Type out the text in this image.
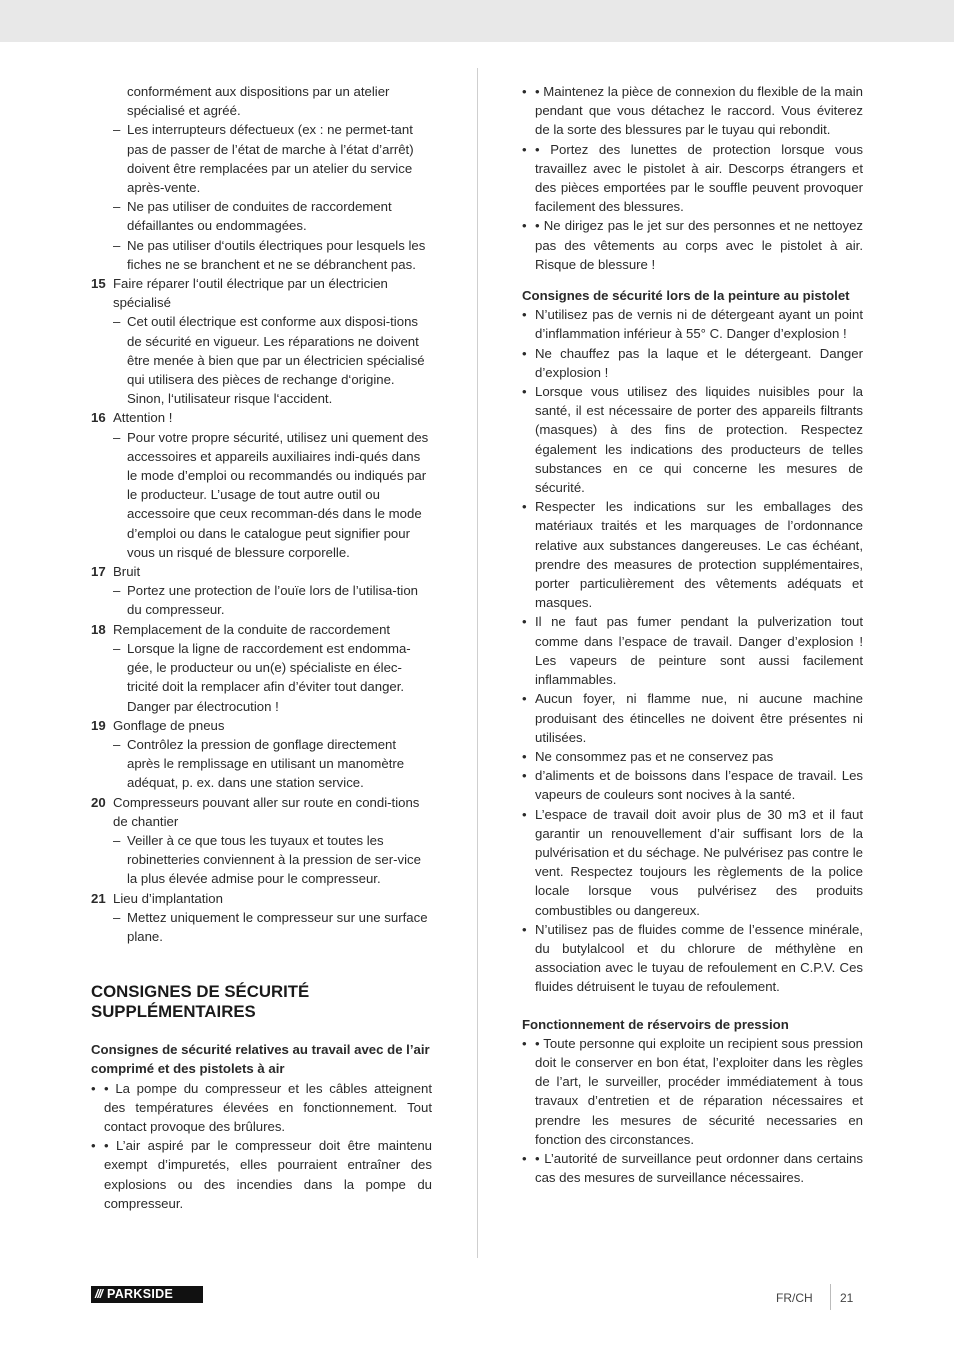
conformément aux dispositions par un atelier spécialisé et agréé.
– Les interrupteurs défectueux (ex : ne permet-tant pas de passer de l’état de marche à l’état d’arrêt) doivent être remplacées par un atelier du service après-vente.
– Ne pas utiliser de conduites de raccordement défaillantes ou endommagées.
– Ne pas utiliser d‘outils électriques pour lesquels les fiches ne se branchent et ne se débranchent pas.
15 Faire réparer l‘outil électrique par un électricien spécialisé
– Cet outil électrique est conforme aux disposi-tions de sécurité en vigueur. Les réparations ne doivent être menée à bien que par un électricien spécialisé qui utilisera des pièces de rechange d‘origine. Sinon, l‘utilisateur risque l‘accident.
16 Attention !
– Pour votre propre sécurité, utilisez uni quement des accessoires et appareils auxiliaires indi-qués dans le mode d’emploi ou recommandés ou indiqués par le producteur. L’usage de tout autre outil ou accessoire que ceux recomman-dés dans le mode d’emploi ou dans le catalogue peut signifier pour vous un risqué de blessure corporelle.
17 Bruit
– Portez une protection de l’ouïe lors de l’utilisa-tion du compresseur.
18 Remplacement de la conduite de raccordement
– Lorsque la ligne de raccordement est endomma-gée, le producteur ou un(e) spécialiste en élec-tricité doit la remplacer afin d’éviter tout danger. Danger par électrocution !
19 Gonflage de pneus
– Contrôlez la pression de gonflage directement après le remplissage en utilisant un manomètre adéquat, p. ex. dans une station service.
20 Compresseurs pouvant aller sur route en condi-tions de chantier
– Veiller à ce que tous les tuyaux et toutes les robinetteries conviennent à la pression de ser-vice la plus élevée admise pour le compresseur.
21 Lieu d’implantation
– Mettez uniquement le compresseur sur une surface plane.
CONSIGNES DE SÉCURITÉ
SUPPLÉMENTAIRES
Consignes de sécurité relatives au travail avec de l’air comprimé et des pistolets à air
• • La pompe du compresseur et les câbles atteignent des températures élevées en fonctionnement. Tout contact provoque des brûlures.
• • L’air aspiré par le compresseur doit être maintenu exempt d’impuretés, elles pourraient entraîner des explosions ou des incendies dans la pompe du compresseur.
• • Maintenez la pièce de connexion du flexible de la main pendant que vous détachez le raccord. Vous éviterez de la sorte des blessures par le tuyau qui rebondit.
• • Portez des lunettes de protection lorsque vous travaillez avec le pistolet à air. Descorps étrangers et des pièces emportées par le souffle peuvent provoquer facilement des blessures.
• • Ne dirigez pas le jet sur des personnes et ne nettoyez pas des vêtements au corps avec le pistolet à air. Risque de blessure !
Consignes de sécurité lors de la peinture au pistolet
• N’utilisez pas de vernis ni de détergeant ayant un point d’inflammation inférieur à 55° C. Danger d’explosion !
• Ne chauffez pas la laque et le détergeant. Danger d’explosion !
• Lorsque vous utilisez des liquides nuisibles pour la santé, il est nécessaire de porter des appareils filtrants (masques) à des fins de protection. Respectez également les indications des producteurs de telles substances en ce qui concerne les mesures de sécurité.
• Respecter les indications sur les emballages des matériaux traités et les marquages de l’ordonnance relative aux substances dangereuses. Le cas échéant, prendre des measures de protection supplémentaires, porter particulièrement des vêtements adéquats et masques.
• Il ne faut pas fumer pendant la pulverization tout comme dans l’espace de travail. Danger d’explosion ! Les vapeurs de peinture sont aussi facilement inflammables.
• Aucun foyer, ni flamme nue, ni aucune machine produisant des étincelles ne doivent être présentes ni utilisées.
• Ne consommez pas et ne conservez pas
• d’aliments et de boissons dans l’espace de travail. Les vapeurs de couleurs sont nocives à la santé.
• L’espace de travail doit avoir plus de 30 m3 et il faut garantir un renouvellement d’air suffisant lors de la pulvérisation et du séchage. Ne pulvérisez pas contre le vent. Respectez toujours les règlements de la police locale lorsque vous pulvérisez des produits combustibles ou dangereux.
• N’utilisez pas de fluides comme de l’essence minérale, du butylalcool et du chlorure de méthylène en association avec le tuyau de refoulement en C.P.V. Ces fluides détruisent le tuyau de refoulement.
Fonctionnement de réservoirs de pression
• • Toute personne qui exploite un recipient sous pression doit le conserver en bon état, l’exploiter dans les règles de l’art, le surveiller, procéder immédiatement à tous travaux d’entretien et de réparation nécessaires et prendre les mesures de sécurité necessaries en fonction des circonstances.
• • L’autorité de surveillance peut ordonner dans certains cas des mesures de surveillance nécessaires.
/// PARKSIDE	FR/CH 21
